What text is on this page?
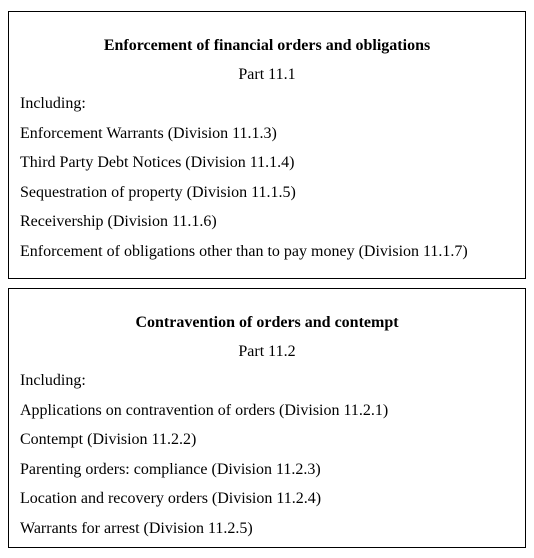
Enforcement of financial orders and obligations
Part 11.1
Including:
Enforcement Warrants (Division 11.1.3)
Third Party Debt Notices (Division 11.1.4)
Sequestration of property (Division 11.1.5)
Receivership (Division 11.1.6)
Enforcement of obligations other than to pay money (Division 11.1.7)
Contravention of orders and contempt
Part 11.2
Including:
Applications on contravention of orders (Division 11.2.1)
Contempt (Division 11.2.2)
Parenting orders: compliance (Division 11.2.3)
Location and recovery orders (Division 11.2.4)
Warrants for arrest (Division 11.2.5)
